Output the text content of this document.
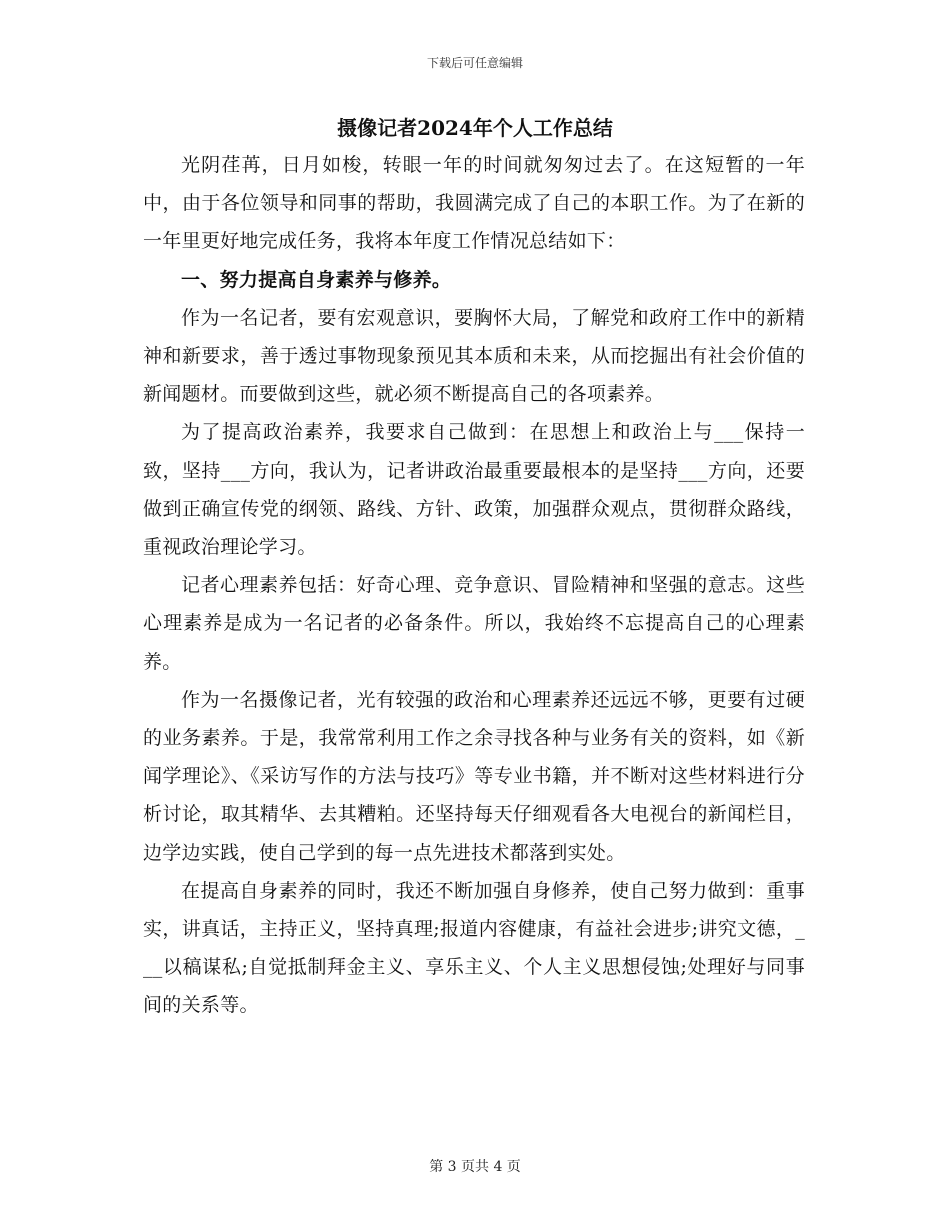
下载后可任意编辑
摄像记者2024年个人工作总结

光阴荏苒，日月如梭，转眼一年的时间就匆匆过去了。在这短暂的一年中，由于各位领导和同事的帮助，我圆满完成了自己的本职工作。为了在新的一年里更好地完成任务，我将本年度工作情况总结如下：

一、努力提高自身素养与修养。

作为一名记者，要有宏观意识，要胸怀大局，了解党和政府工作中的新精神和新要求，善于透过事物现象预见其本质和未来，从而挖掘出有社会价值的新闻题材。而要做到这些，就必须不断提高自己的各项素养。

为了提高政治素养，我要求自己做到：在思想上和政治上与___保持一致，坚持___方向，我认为，记者讲政治最重要最根本的是坚持___方向，还要做到正确宣传党的纲领、路线、方针、政策，加强群众观点，贯彻群众路线，重视政治理论学习。

记者心理素养包括：好奇心理、竞争意识、冒险精神和坚强的意志。这些心理素养是成为一名记者的必备条件。所以，我始终不忘提高自己的心理素养。

作为一名摄像记者，光有较强的政治和心理素养还远远不够，更要有过硬的业务素养。于是，我常常利用工作之余寻找各种与业务有关的资料，如《新闻学理论》、《采访写作的方法与技巧》等专业书籍，并不断对这些材料进行分析讨论，取其精华、去其糟粕。还坚持每天仔细观看各大电视台的新闻栏目，边学边实践，使自己学到的每一点先进技术都落到实处。

在提高自身素养的同时，我还不断加强自身修养，使自己努力做到：重事实，讲真话，主持正义，坚持真理;报道内容健康，有益社会进步;讲究文德，___以稿谋私;自觉抵制拜金主义、享乐主义、个人主义思想侵蚀;处理好与同事间的关系等。

第 3 页共 4 页
